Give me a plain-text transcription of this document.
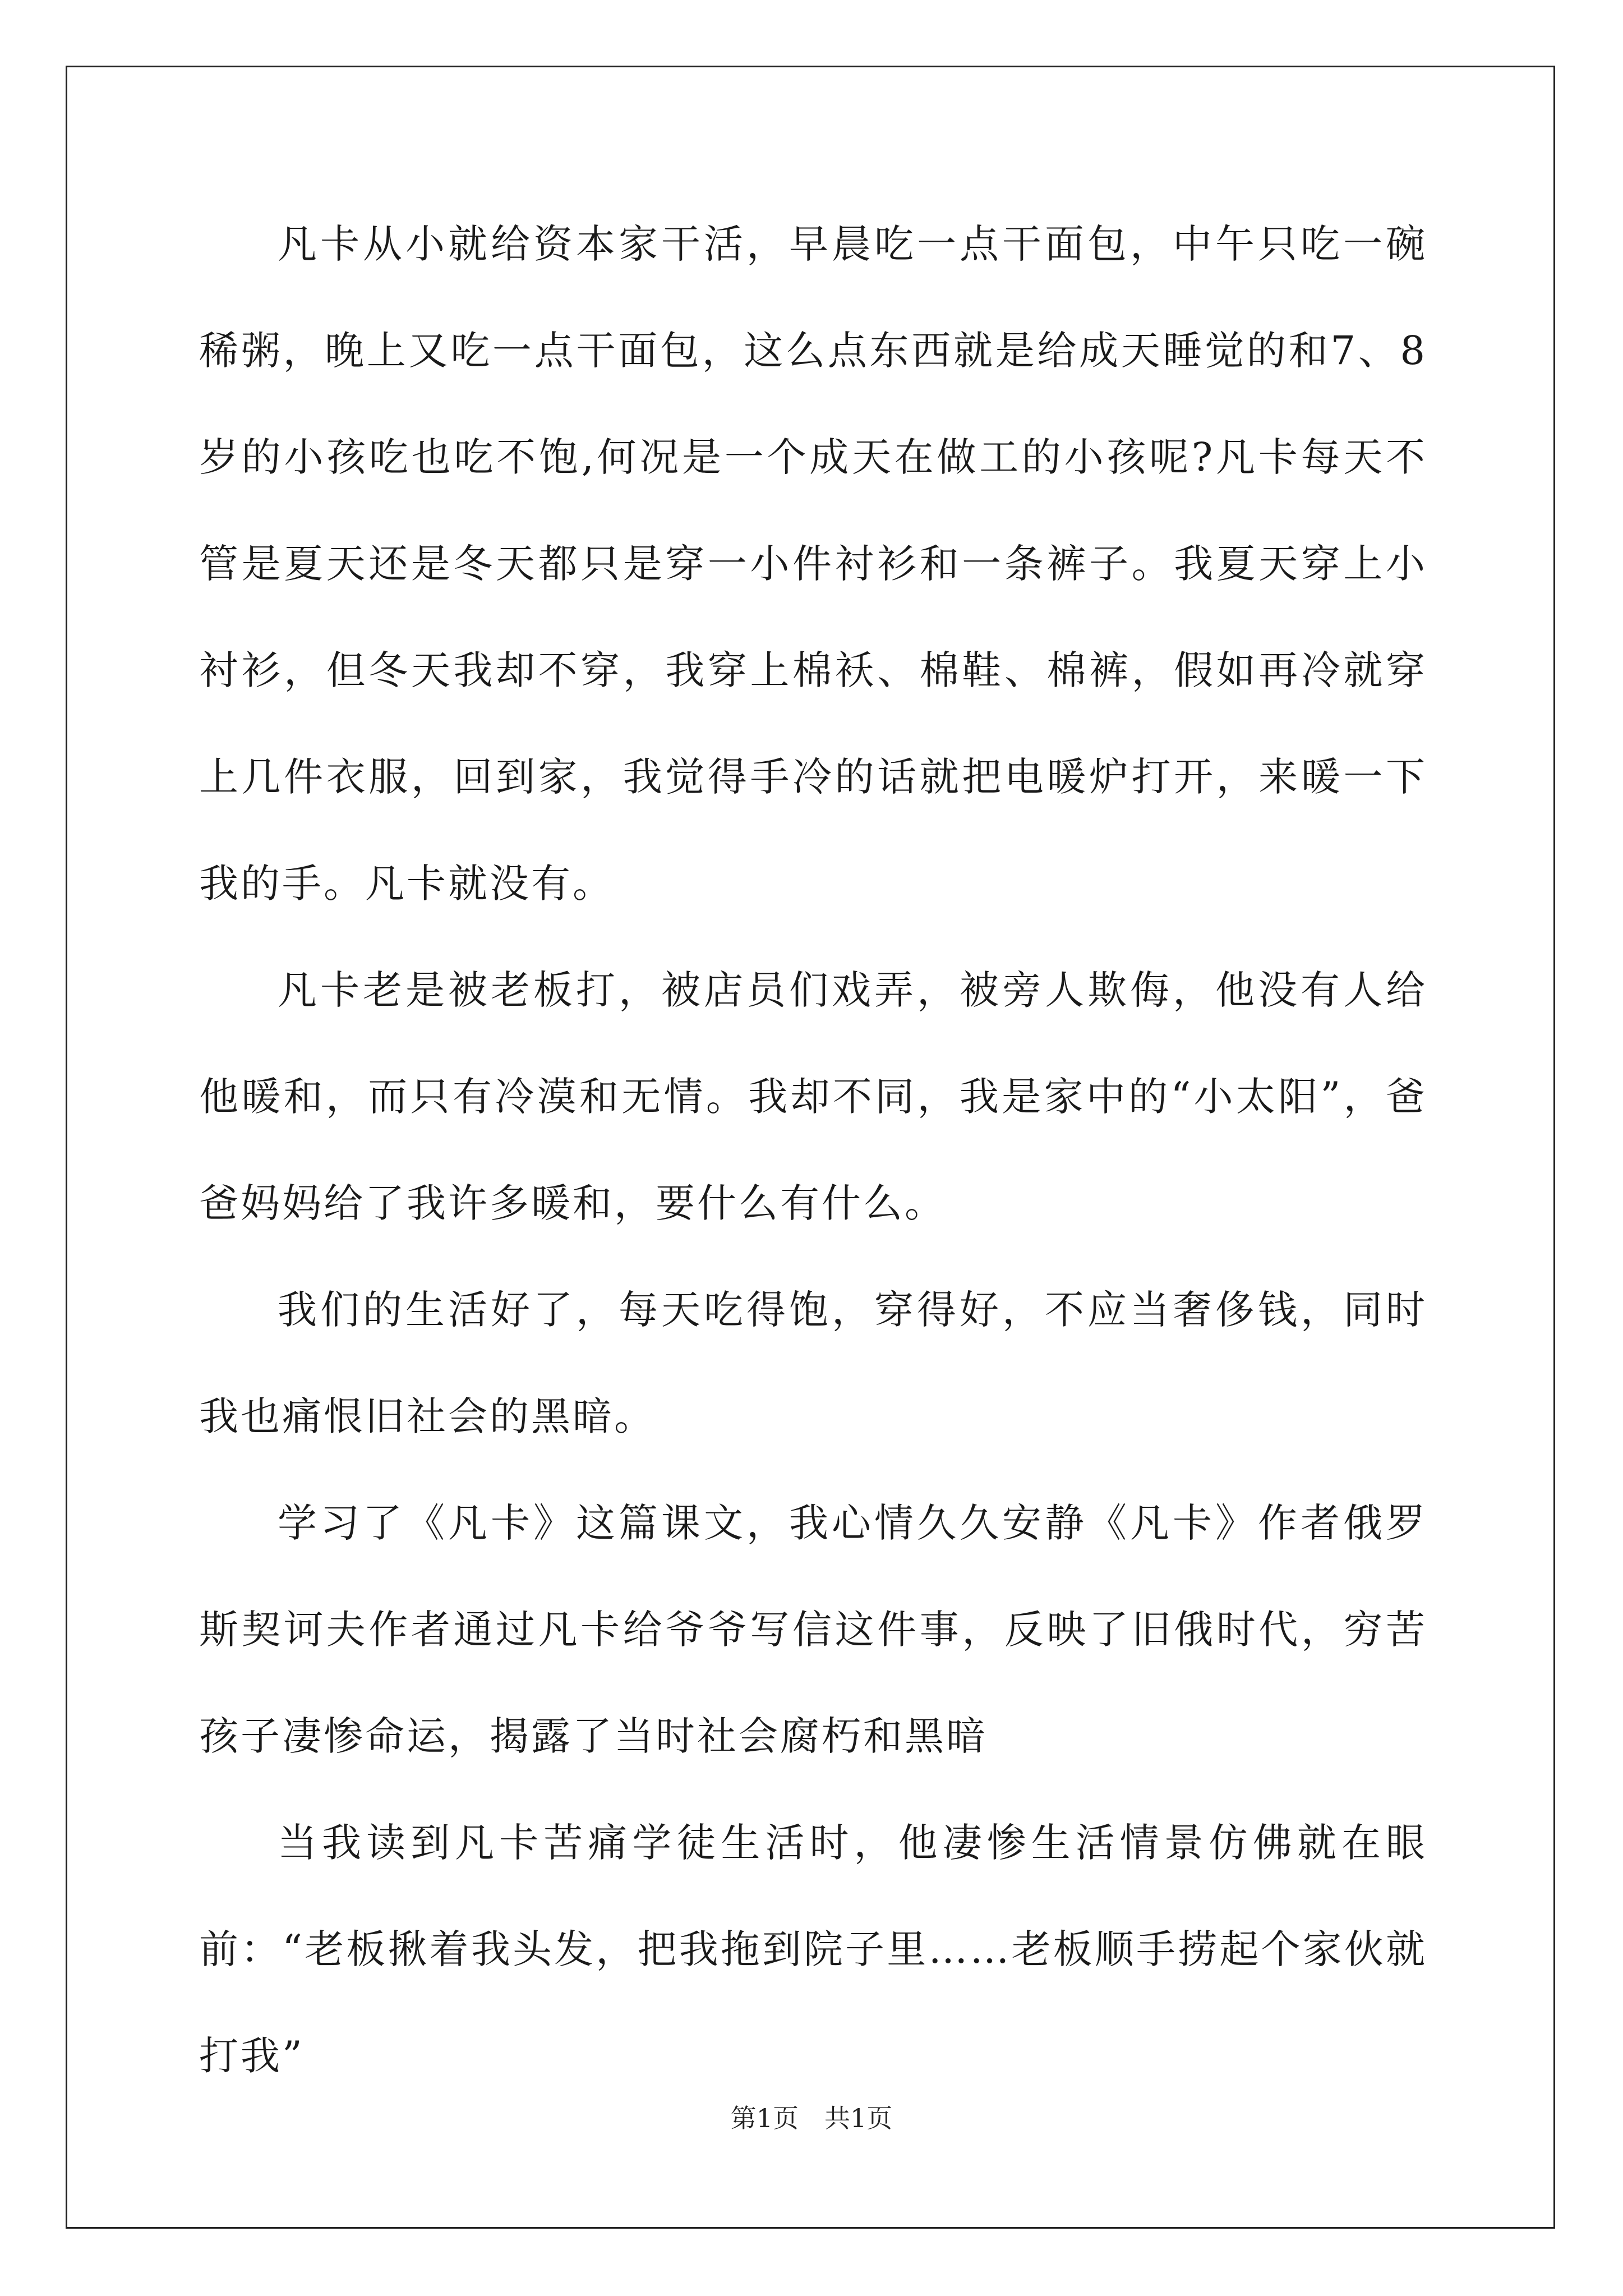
凡卡从小就给资本家干活，早晨吃一点干面包，中午只吃一碗稀粥，晚上又吃一点干面包，这么点东西就是给成天睡觉的和7、8岁的小孩吃也吃不饱,何况是一个成天在做工的小孩呢?凡卡每天不管是夏天还是冬天都只是穿一小件衬衫和一条裤子。我夏天穿上小衬衫，但冬天我却不穿，我穿上棉袄、棉鞋、棉裤，假如再冷就穿上几件衣服，回到家，我觉得手冷的话就把电暖炉打开，来暖一下我的手。凡卡就没有。

凡卡老是被老板打，被店员们戏弄，被旁人欺侮，他没有人给他暖和，而只有冷漠和无情。我却不同，我是家中的“小太阳”，爸爸妈妈给了我许多暖和，要什么有什么。

我们的生活好了，每天吃得饱，穿得好，不应当奢侈钱，同时我也痛恨旧社会的黑暗。

学习了《凡卡》这篇课文，我心情久久安静《凡卡》作者俄罗斯契诃夫作者通过凡卡给爷爷写信这件事，反映了旧俄时代，穷苦孩子凄惨命运，揭露了当时社会腐朽和黑暗

当我读到凡卡苦痛学徒生活时，他凄惨生活情景仿佛就在眼前：“老板揪着我头发，把我拖到院子里……老板顺手捞起个家伙就打我”

第1页　共1页
